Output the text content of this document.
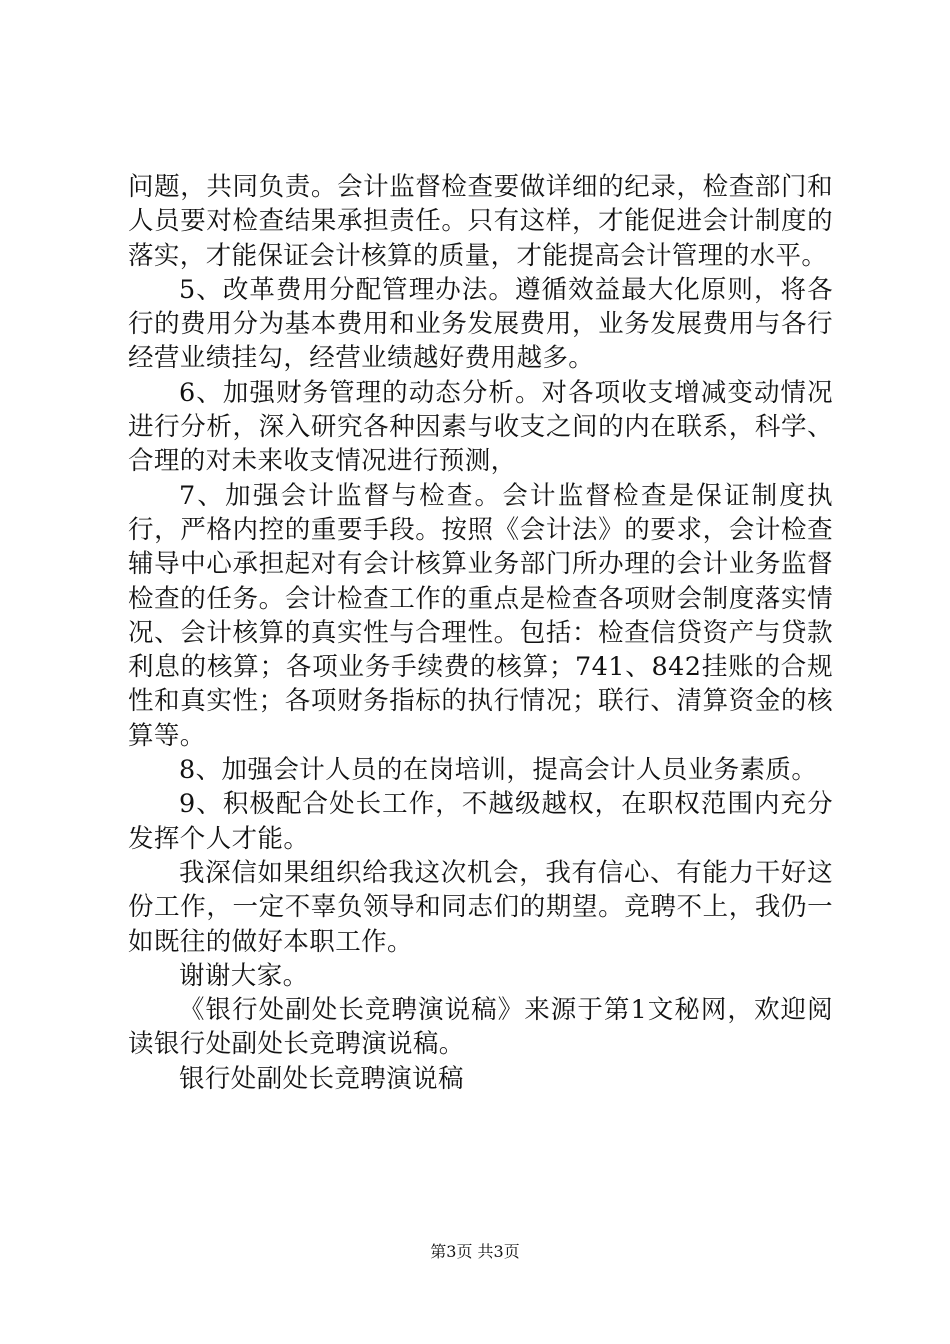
问题，共同负责。会计监督检查要做详细的纪录，检查部门和人员要对检查结果承担责任。只有这样，才能促进会计制度的落实，才能保证会计核算的质量，才能提高会计管理的水平。

5、改革费用分配管理办法。遵循效益最大化原则，将各行的费用分为基本费用和业务发展费用，业务发展费用与各行经营业绩挂勾，经营业绩越好费用越多。

6、加强财务管理的动态分析。对各项收支增减变动情况进行分析，深入研究各种因素与收支之间的内在联系，科学、合理的对未来收支情况进行预测，

7、加强会计监督与检查。会计监督检查是保证制度执行，严格内控的重要手段。按照《会计法》的要求，会计检查辅导中心承担起对有会计核算业务部门所办理的会计业务监督检查的任务。会计检查工作的重点是检查各项财会制度落实情况、会计核算的真实性与合理性。包括：检查信贷资产与贷款利息的核算；各项业务手续费的核算；741、842挂账的合规性和真实性；各项财务指标的执行情况；联行、清算资金的核算等。

8、加强会计人员的在岗培训，提高会计人员业务素质。

9、积极配合处长工作，不越级越权，在职权范围内充分发挥个人才能。

我深信如果组织给我这次机会，我有信心、有能力干好这份工作，一定不辜负领导和同志们的期望。竞聘不上，我仍一如既往的做好本职工作。

谢谢大家。

《银行处副处长竞聘演说稿》来源于第1文秘网，欢迎阅读银行处副处长竞聘演说稿。

银行处副处长竞聘演说稿

第3页 共3页
